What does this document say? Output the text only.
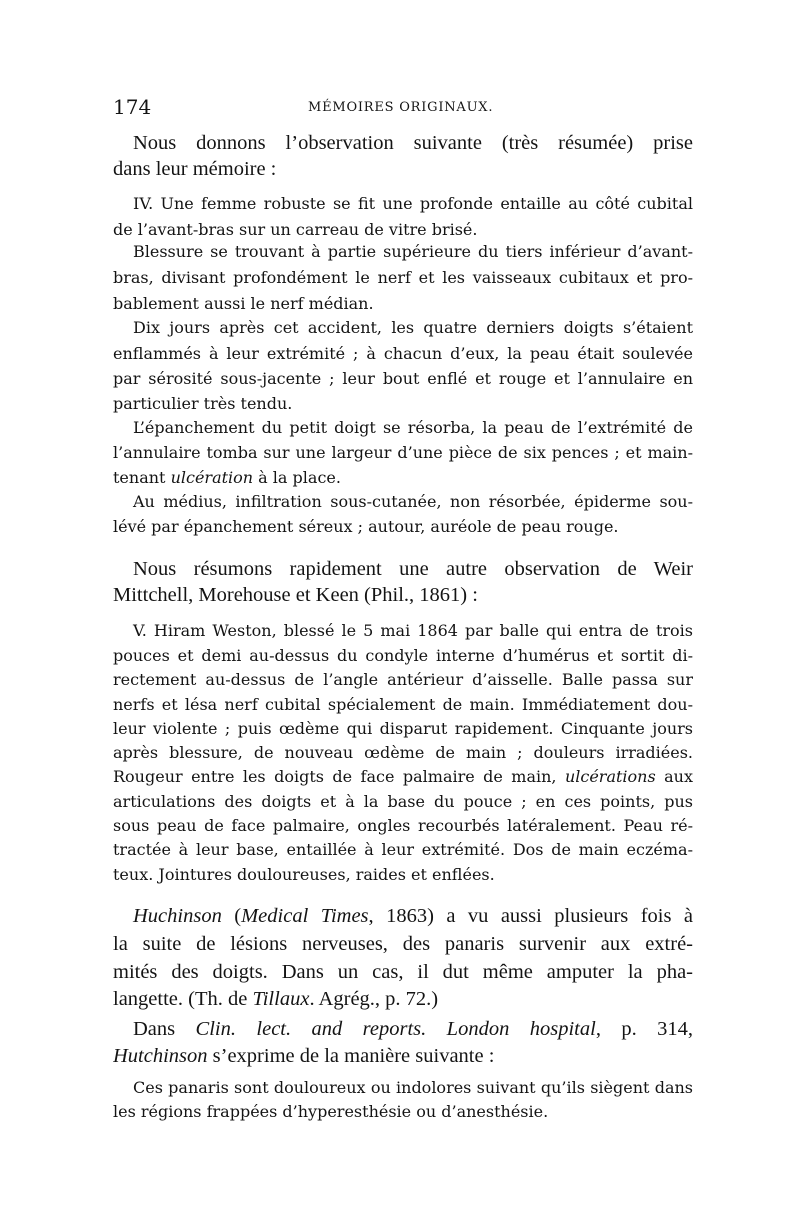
174	MÉMOIRES ORIGINAUX.
Nous donnons l’observation suivante (très résumée) prise
dans leur mémoire :
IV. Une femme robuste se fit une profonde entaille au côté cubital
de l’avant-bras sur un carreau de vitre brisé.
Blessure se trouvant à partie supérieure du tiers inférieur d’avant-
bras, divisant profondément le nerf et les vaisseaux cubitaux et pro-
bablement aussi le nerf médian.
Dix jours après cet accident, les quatre derniers doigts s’étaient
enflammés à leur extrémité ; à chacun d’eux, la peau était soulevée
par sérosité sous-jacente ; leur bout enflé et rouge et l’annulaire en
particulier très tendu.
L’épanchement du petit doigt se résorba, la peau de l’extrémité de
l’annulaire tomba sur une largeur d’une pièce de six pences ; et main-
tenant ulcération à la place.
Au médius, infiltration sous-cutanée, non résorbée, épiderme sou-
lévé par épanchement séreux ; autour, auréole de peau rouge.
Nous résumons rapidement une autre observation de Weir
Mittchell, Morehouse et Keen (Phil., 1861) :
V. Hiram Weston, blessé le 5 mai 1864 par balle qui entra de trois
pouces et demi au-dessus du condyle interne d’humérus et sortit di-
rectement au-dessus de l’angle antérieur d’aisselle. Balle passa sur
nerfs et lésa nerf cubital spécialement de main. Immédiatement dou-
leur violente ; puis œdème qui disparut rapidement. Cinquante jours
après blessure, de nouveau œdème de main ; douleurs irradiées.
Rougeur entre les doigts de face palmaire de main, ulcérations aux
articulations des doigts et à la base du pouce ; en ces points, pus
sous peau de face palmaire, ongles recourbés latéralement. Peau ré-
tractée à leur base, entaillée à leur extrémité. Dos de main eczéma-
teux. Jointures douloureuses, raides et enflées.
Huchinson (Medical Times, 1863) a vu aussi plusieurs fois à
la suite de lésions nerveuses, des panaris survenir aux extré-
mités des doigts. Dans un cas, il dut même amputer la pha-
langette. (Th. de Tillaux. Agrég., p. 72.)
Dans Clin. lect. and reports. London hospital, p. 314,
Hutchinson s’exprime de la manière suivante :
Ces panaris sont douloureux ou indolores suivant qu’ils siègent dans
les régions frappées d’hyperesthésie ou d’anesthésie.
